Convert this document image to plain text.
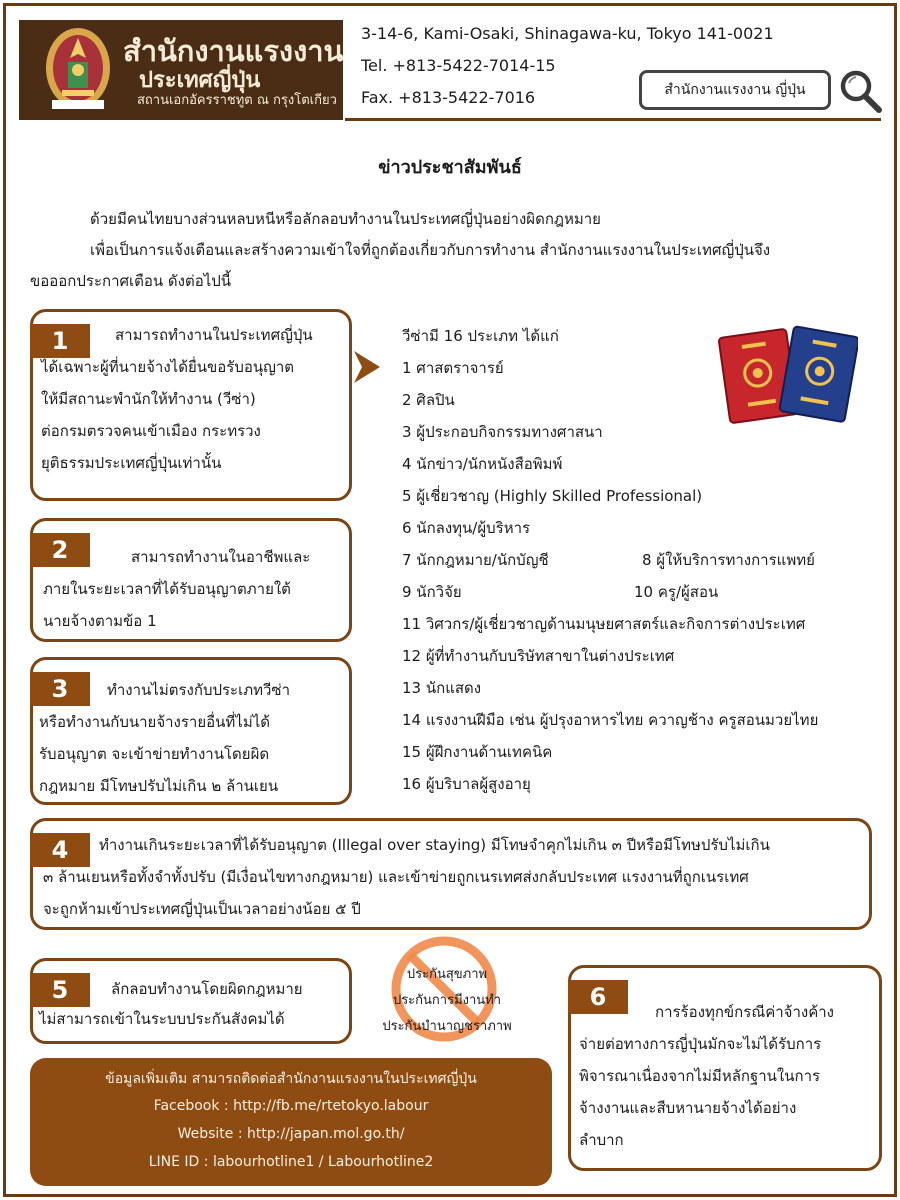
สำนักงานแรงงาน
ประเทศญี่ปุ่น
สถานเอกอัครราชทูต ณ กรุงโตเกียว
3-14-6, Kami-Osaki, Shinagawa-ku, Tokyo 141-0021
Tel. +813-5422-7014-15
Fax. +813-5422-7016	สำนักงานแรงงาน ญี่ปุ่น
ข่าวประชาสัมพันธ์
ด้วยมีคนไทยบางส่วนหลบหนีหรือลักลอบทำงานในประเทศญี่ปุ่นอย่างผิดกฎหมาย
เพื่อเป็นการแจ้งเตือนและสร้างความเข้าใจที่ถูกต้องเกี่ยวกับการทำงาน สำนักงานแรงงานในประเทศญี่ปุ่นจึง
ขอออกประกาศเตือน ดังต่อไปนี้
1	สามารถทำงานในประเทศญี่ปุ่น
ได้เฉพาะผู้ที่นายจ้างได้ยื่นขอรับอนุญาต
ให้มีสถานะพำนักให้ทำงาน (วีซ่า)
ต่อกรมตรวจคนเข้าเมือง กระทรวง
ยุติธรรมประเทศญี่ปุ่นเท่านั้น
2	สามารถทำงานในอาชีพและ
ภายในระยะเวลาที่ได้รับอนุญาตภายใต้
นายจ้างตามข้อ 1
3	ทำงานไม่ตรงกับประเภทวีซ่า
หรือทำงานกับนายจ้างรายอื่นที่ไม่ได้
รับอนุญาต จะเข้าข่ายทำงานโดยผิด
กฎหมาย มีโทษปรับไม่เกิน ๒ ล้านเยน
วีซ่ามี 16 ประเภท ได้แก่
1 ศาสตราจารย์
2 ศิลปิน
3 ผู้ประกอบกิจกรรมทางศาสนา
4 นักข่าว/นักหนังสือพิมพ์
5 ผู้เชี่ยวชาญ (Highly Skilled Professional)
6 นักลงทุน/ผู้บริหาร
7 นักกฎหมาย/นักบัญชี	8 ผู้ให้บริการทางการแพทย์
9 นักวิจัย	10 ครู/ผู้สอน
11 วิศวกร/ผู้เชี่ยวชาญด้านมนุษยศาสตร์และกิจการต่างประเทศ
12 ผู้ที่ทำงานกับบริษัทสาขาในต่างประเทศ
13 นักแสดง
14 แรงงานฝีมือ เช่น ผู้ปรุงอาหารไทย ควาญช้าง ครูสอนมวยไทย
15 ผู้ฝึกงานด้านเทคนิค
16 ผู้บริบาลผู้สูงอายุ
4	ทำงานเกินระยะเวลาที่ได้รับอนุญาต (Illegal over staying) มีโทษจำคุกไม่เกิน ๓ ปีหรือมีโทษปรับไม่เกิน
๓ ล้านเยนหรือทั้งจำทั้งปรับ (มีเงื่อนไขทางกฎหมาย) และเข้าข่ายถูกเนรเทศส่งกลับประเทศ แรงงานที่ถูกเนรเทศ
จะถูกห้ามเข้าประเทศญี่ปุ่นเป็นเวลาอย่างน้อย ๕ ปี
5	ลักลอบทำงานโดยผิดกฎหมาย
ไม่สามารถเข้าในระบบประกันสังคมได้
ประกันสุขภาพ
ประกันการมีงานทำ
ประกันบำนาญชราภาพ
6
การร้องทุกข์กรณีค่าจ้างค้าง
จ่ายต่อทางการญี่ปุ่นมักจะไม่ได้รับการ
พิจารณาเนื่องจากไม่มีหลักฐานในการ
จ้างงานและสืบหานายจ้างได้อย่าง
ลำบาก
ข้อมูลเพิ่มเติม สามารถติดต่อสำนักงานแรงงานในประเทศญี่ปุ่น
Facebook : http://fb.me/rtetokyo.labour
Website : http://japan.mol.go.th/
LINE ID : labourhotline1 / Labourhotline2
